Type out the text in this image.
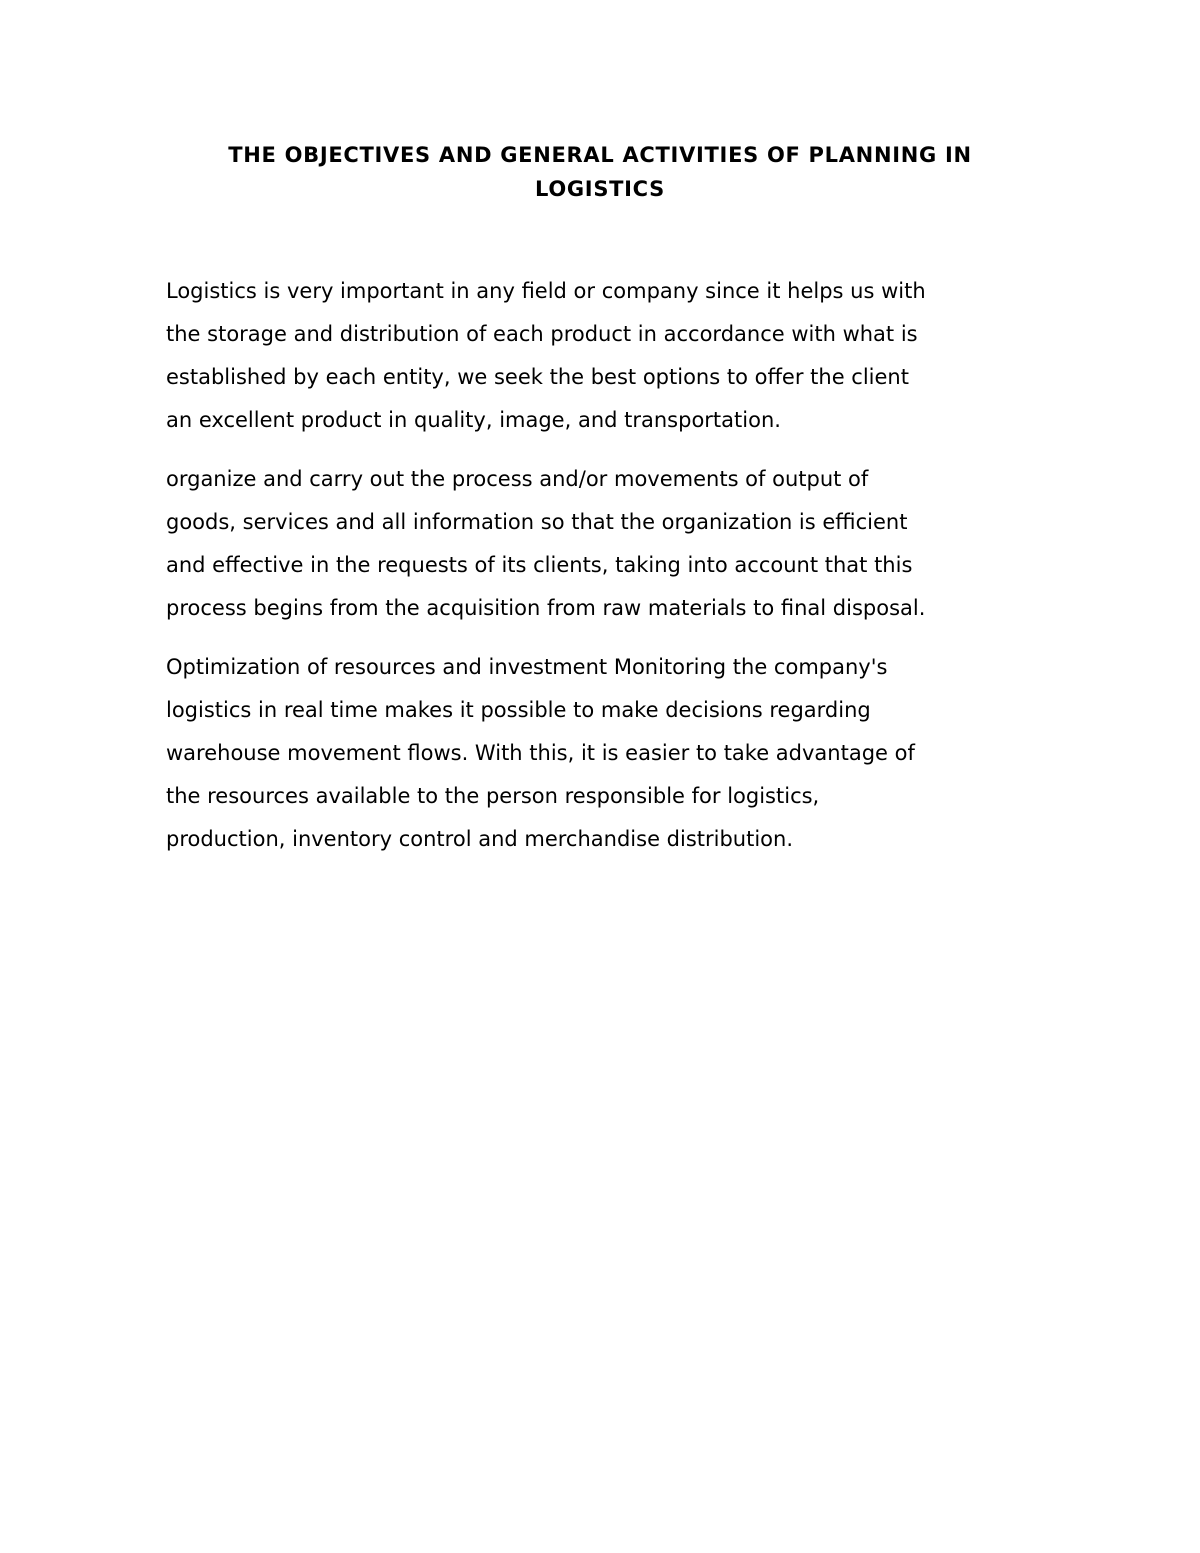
THE OBJECTIVES AND GENERAL ACTIVITIES OF PLANNING IN
LOGISTICS

Logistics is very important in any field or company since it helps us with
the storage and distribution of each product in accordance with what is
established by each entity, we seek the best options to offer the client
an excellent product in quality, image, and transportation.

organize and carry out the process and/or movements of output of
goods, services and all information so that the organization is efficient
and effective in the requests of its clients, taking into account that this
process begins from the acquisition from raw materials to final disposal.

Optimization of resources and investment Monitoring the company's
logistics in real time makes it possible to make decisions regarding
warehouse movement flows. With this, it is easier to take advantage of
the resources available to the person responsible for logistics,
production, inventory control and merchandise distribution.
